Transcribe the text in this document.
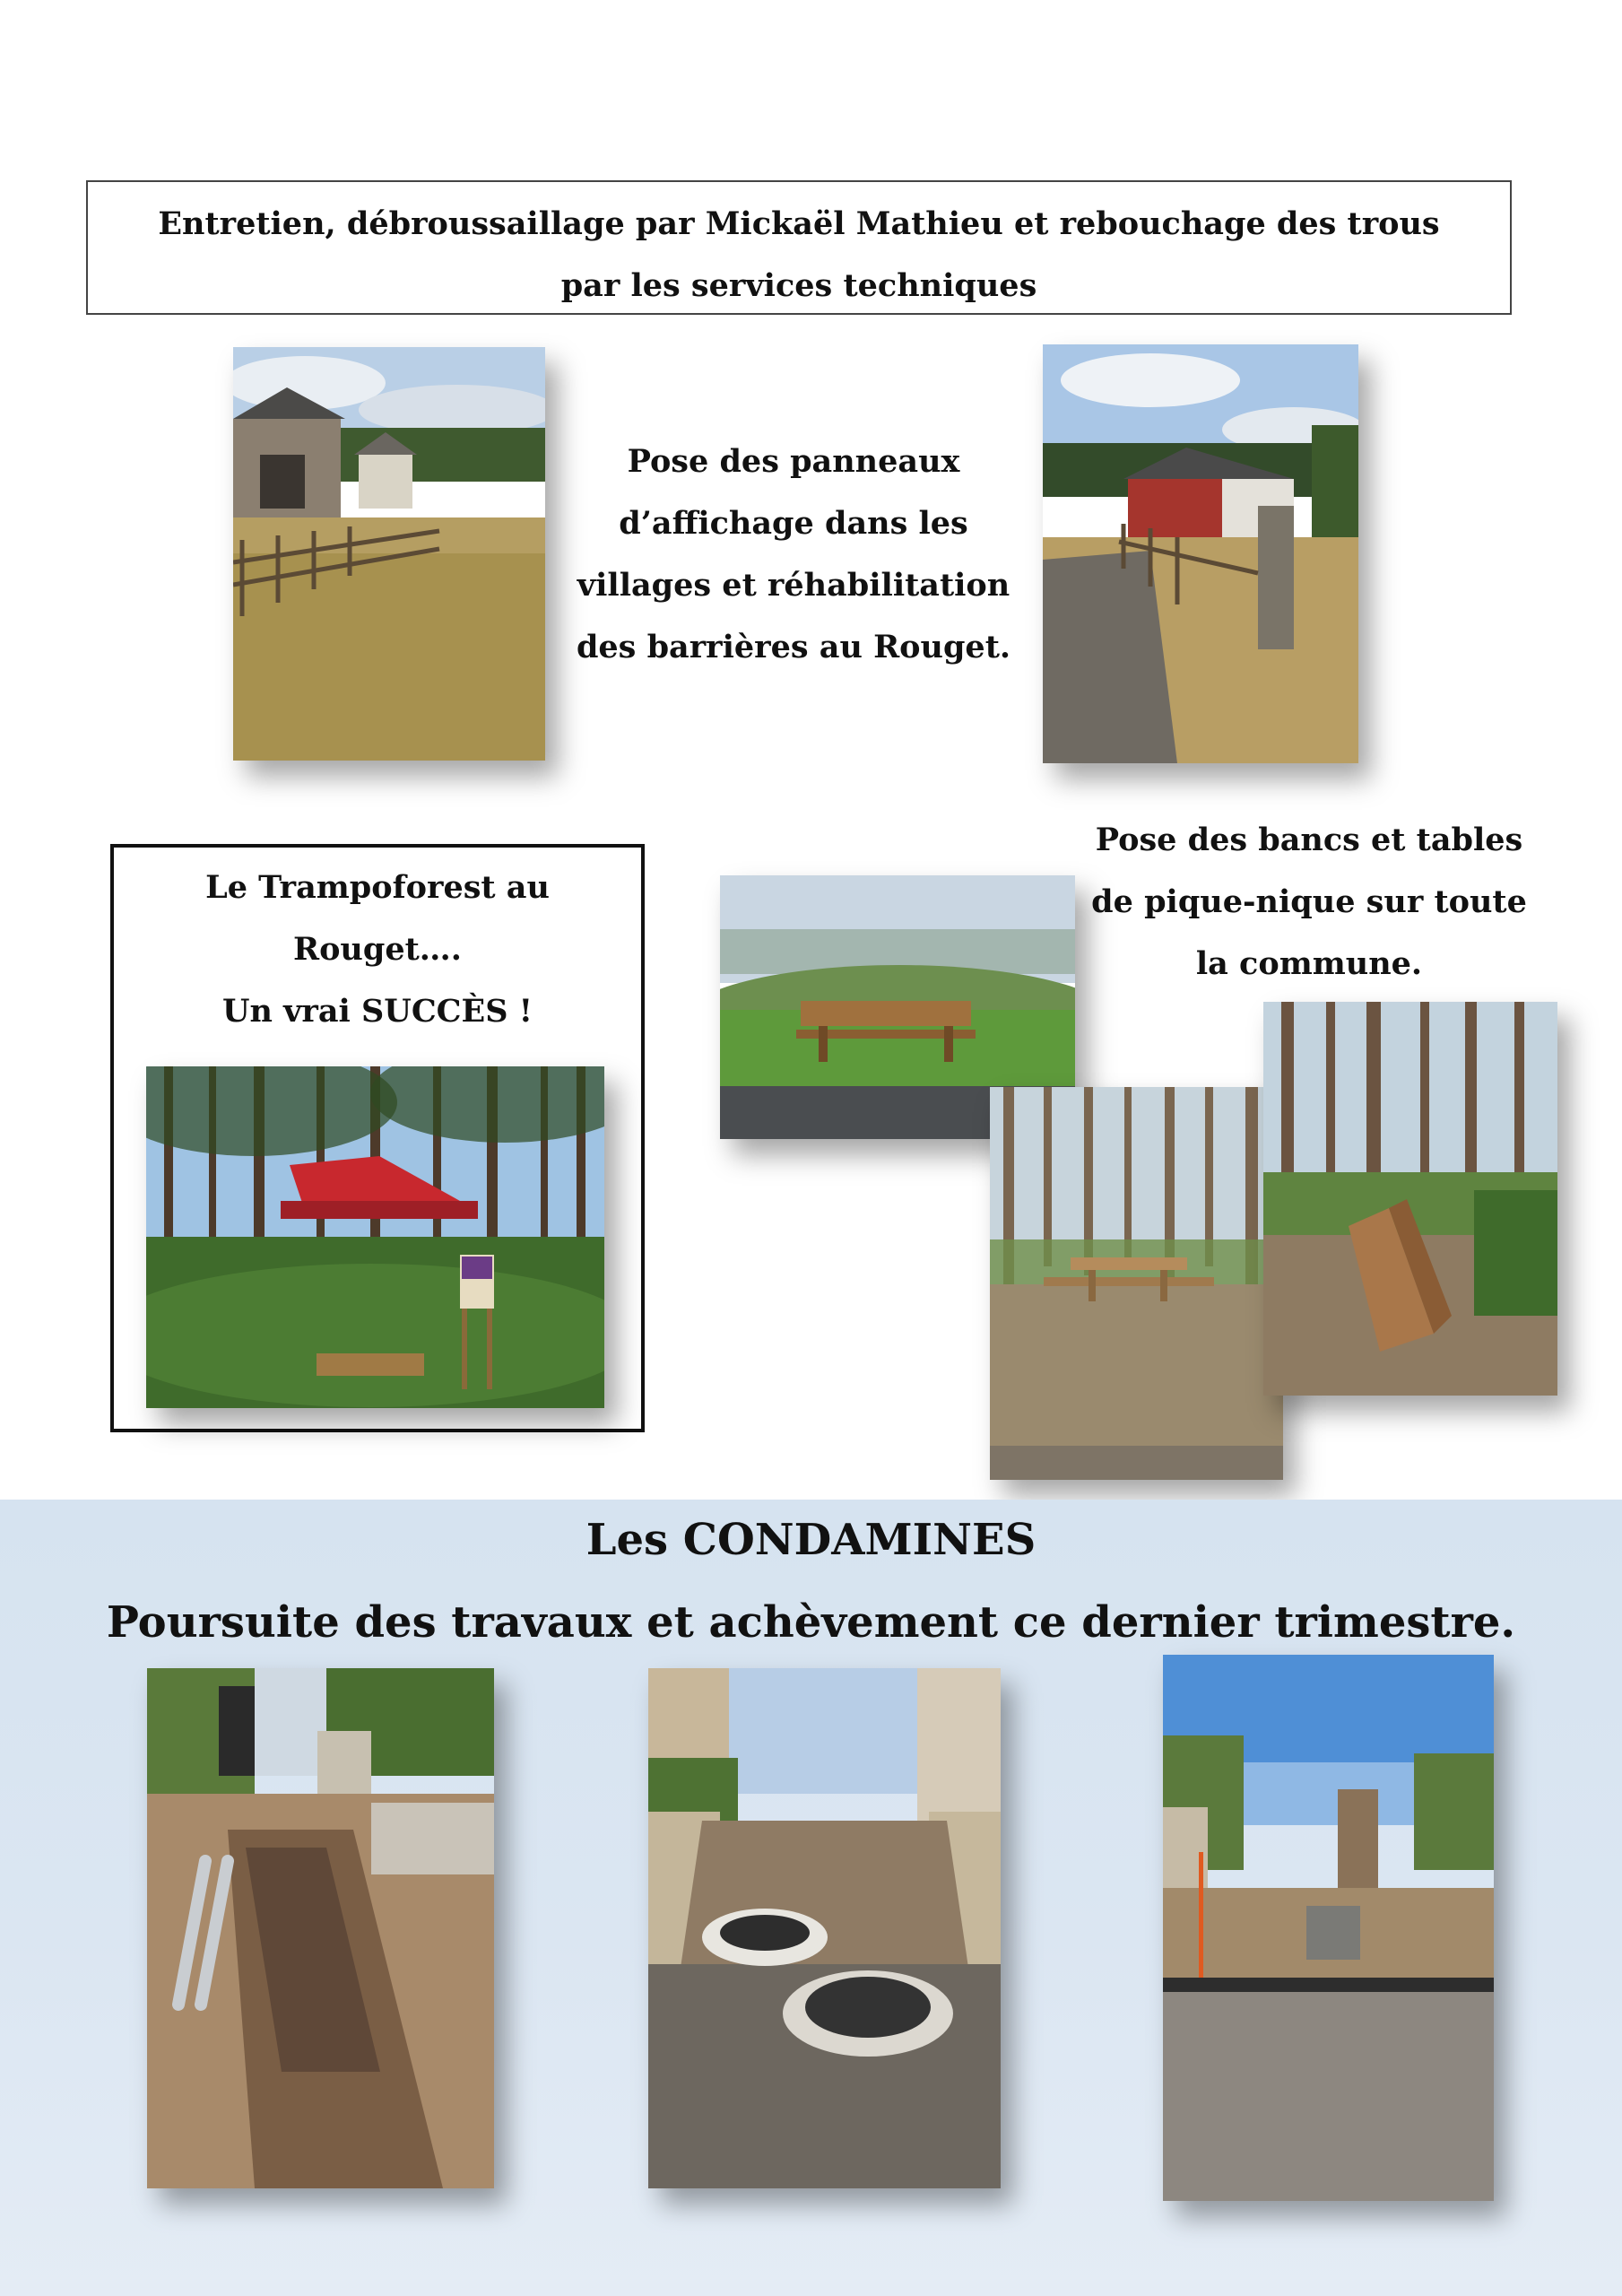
Entretien, débroussaillage par Mickaël Mathieu et rebouchage des trous par les services techniques
Pose des panneaux
d’affichage dans les
villages et réhabilitation
des barrières au Rouget.
Le Trampoforest au
Rouget….
Un vrai SUCCÈS !
Pose des bancs et tables
de pique-nique sur toute
la commune.
Les CONDAMINES
Poursuite des travaux et achèvement ce dernier trimestre.
